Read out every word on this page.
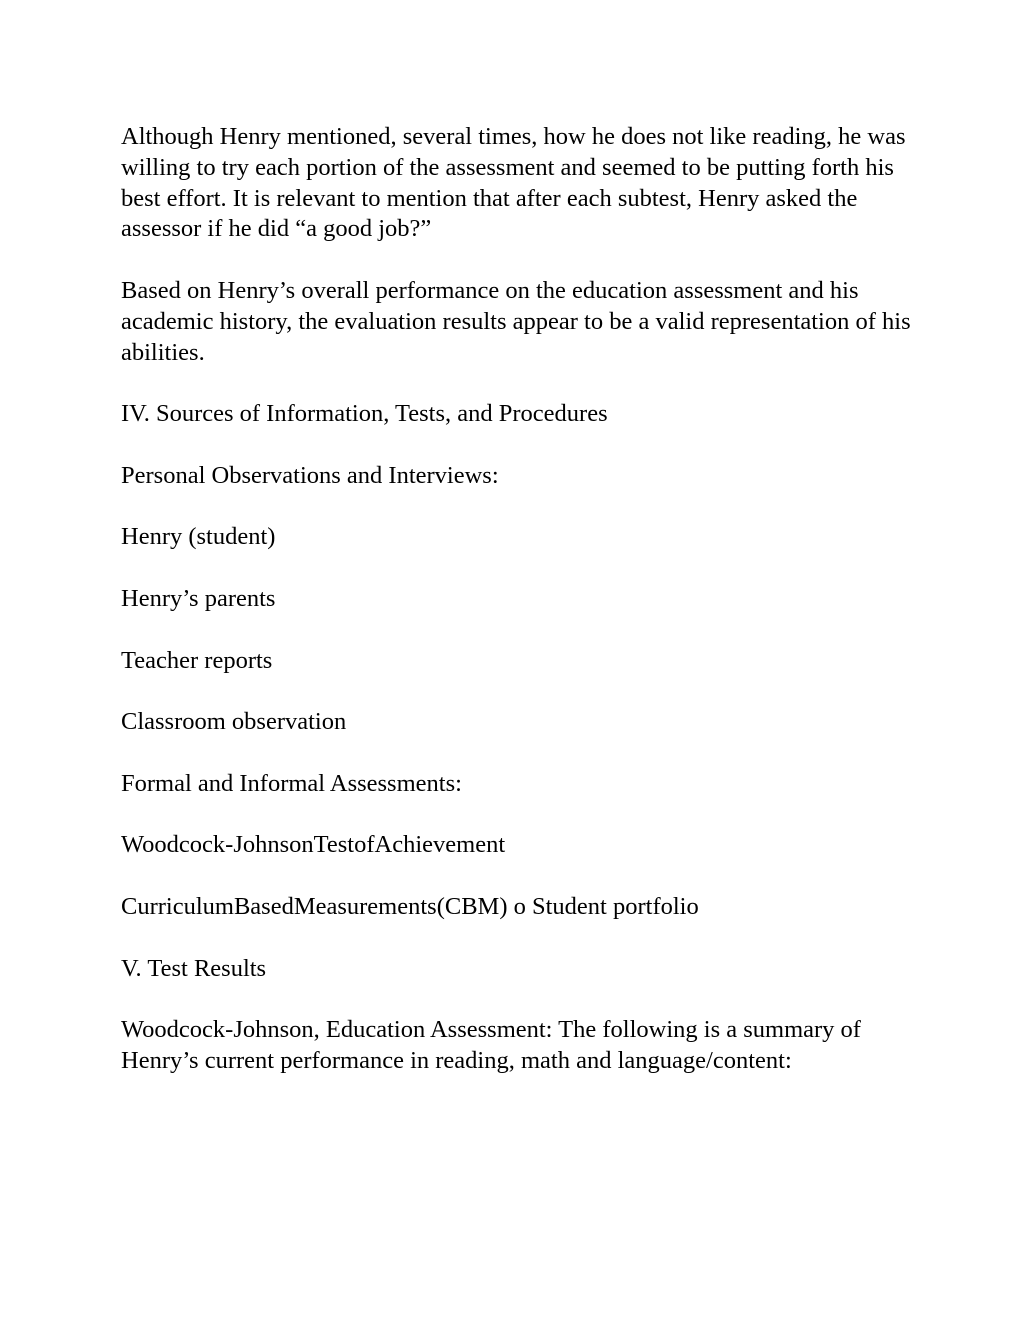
Although Henry mentioned, several times, how he does not like reading, he was willing to try each portion of the assessment and seemed to be putting forth his best effort. It is relevant to mention that after each subtest, Henry asked the assessor if he did “a good job?”

Based on Henry’s overall performance on the education assessment and his academic history, the evaluation results appear to be a valid representation of his abilities.

IV. Sources of Information, Tests, and Procedures

Personal Observations and Interviews:

Henry (student)

Henry’s parents

Teacher reports

Classroom observation

Formal and Informal Assessments:

Woodcock-JohnsonTestofAchievement

CurriculumBasedMeasurements(CBM) o Student portfolio

V. Test Results

Woodcock-Johnson, Education Assessment: The following is a summary of Henry’s current performance in reading, math and language/content:
